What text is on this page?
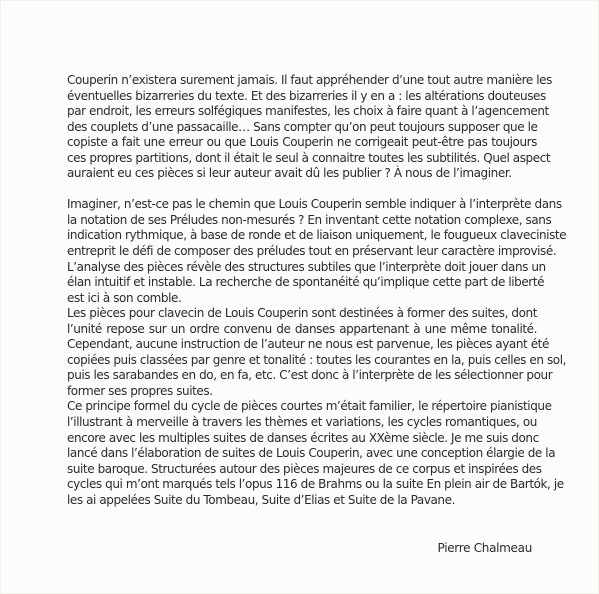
Couperin n’existera surement jamais. Il faut appréhender d’une tout autre manière les
éventuelles bizarreries du texte. Et des bizarreries il y en a : les altérations douteuses
par endroit, les erreurs solfégiques manifestes, les choix à faire quant à l’agencement
des couplets d’une passacaille… Sans compter qu’on peut toujours supposer que le
copiste a fait une erreur ou que Louis Couperin ne corrigeait peut-être pas toujours
ces propres partitions, dont il était le seul à connaitre toutes les subtilités. Quel aspect
auraient eu ces pièces si leur auteur avait dû les publier ? À nous de l’imaginer.

Imaginer, n’est-ce pas le chemin que Louis Couperin semble indiquer à l’interprète dans
la notation de ses Préludes non-mesurés ? En inventant cette notation complexe, sans
indication rythmique, à base de ronde et de liaison uniquement, le fougueux claveciniste
entreprit le défi de composer des préludes tout en préservant leur caractère improvisé.
L’analyse des pièces révèle des structures subtiles que l’interprète doit jouer dans un
élan intuitif et instable. La recherche de spontanéité qu’implique cette part de liberté
est ici à son comble.

Les pièces pour clavecin de Louis Couperin sont destinées à former des suites, dont
l’unité repose sur un ordre convenu de danses appartenant à une même tonalité.
Cependant, aucune instruction de l’auteur ne nous est parvenue, les pièces ayant été
copiées puis classées par genre et tonalité : toutes les courantes en la, puis celles en sol,
puis les sarabandes en do, en fa, etc. C’est donc à l’interprète de les sélectionner pour
former ses propres suites.

Ce principe formel du cycle de pièces courtes m’était familier, le répertoire pianistique
l’illustrant à merveille à travers les thèmes et variations, les cycles romantiques, ou
encore avec les multiples suites de danses écrites au XXème siècle. Je me suis donc
lancé dans l’élaboration de suites de Louis Couperin, avec une conception élargie de la
suite baroque. Structurées autour des pièces majeures de ce corpus et inspirées des
cycles qui m’ont marqués tels l’opus 116 de Brahms ou la suite En plein air de Bartók, je
les ai appelées Suite du Tombeau, Suite d’Elias et Suite de la Pavane.

Pierre Chalmeau
